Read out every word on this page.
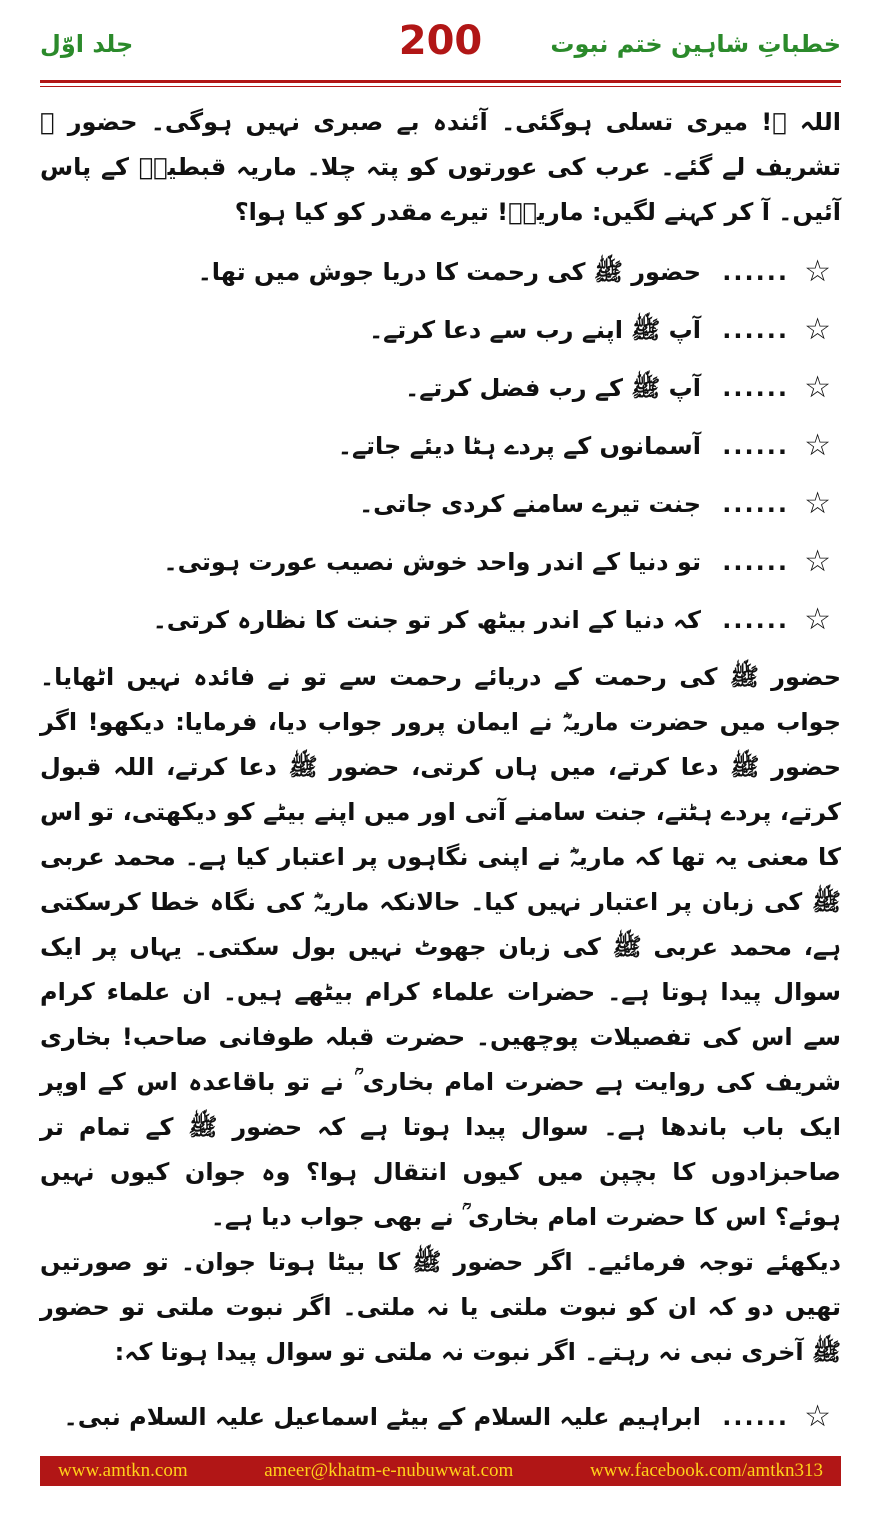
جلد اوّل	200	خطباتِ شاہین ختم نبوت

اللہ ﷺ! میری تسلی ہوگئی۔ آئندہ بے صبری نہیں ہوگی۔ حضور ﷺ تشریف لے گئے۔ عرب کی عورتوں کو پتہ چلا۔ ماریہ قبطیہؓ کے پاس آئیں۔ آ کر کہنے لگیں: ماریہؓ! تیرے مقدر کو کیا ہوا؟

☆
......
حضور ﷺ کی رحمت کا دریا جوش میں تھا۔
☆
......
آپ ﷺ اپنے رب سے دعا کرتے۔
☆
......
آپ ﷺ کے رب فضل کرتے۔
☆
......
آسمانوں کے پردے ہٹا دیئے جاتے۔
☆
......
جنت تیرے سامنے کردی جاتی۔
☆
......
تو دنیا کے اندر واحد خوش نصیب عورت ہوتی۔
☆
......
کہ دنیا کے اندر بیٹھ کر تو جنت کا نظارہ کرتی۔

حضور ﷺ کی رحمت کے دریائے رحمت سے تو نے فائدہ نہیں اٹھایا۔ جواب میں حضرت ماریہؓ نے ایمان پرور جواب دیا، فرمایا: دیکھو! اگر حضور ﷺ دعا کرتے، میں ہاں کرتی، حضور ﷺ دعا کرتے، اللہ قبول کرتے، پردے ہٹتے، جنت سامنے آتی اور میں اپنے بیٹے کو دیکھتی، تو اس کا معنی یہ تھا کہ ماریہؓ نے اپنی نگاہوں پر اعتبار کیا ہے۔ محمد عربی ﷺ کی زبان پر اعتبار نہیں کیا۔ حالانکہ ماریہؓ کی نگاہ خطا کرسکتی ہے، محمد عربی ﷺ کی زبان جھوٹ نہیں بول سکتی۔ یہاں پر ایک سوال پیدا ہوتا ہے۔ حضرات علماء کرام بیٹھے ہیں۔ ان علماء کرام سے اس کی تفصیلات پوچھیں۔ حضرت قبلہ طوفانی صاحب! بخاری شریف کی روایت ہے حضرت امام بخاری ؒ نے تو باقاعدہ اس کے اوپر ایک باب باندھا ہے۔ سوال پیدا ہوتا ہے کہ حضور ﷺ کے تمام تر صاحبزادوں کا بچپن میں کیوں انتقال ہوا؟ وہ جوان کیوں نہیں ہوئے؟ اس کا حضرت امام بخاری ؒ نے بھی جواب دیا ہے۔

دیکھئے توجہ فرمائیے۔ اگر حضور ﷺ کا بیٹا ہوتا جوان۔ تو صورتیں تھیں دو کہ ان کو نبوت ملتی یا نہ ملتی۔ اگر نبوت ملتی تو حضور ﷺ آخری نبی نہ رہتے۔ اگر نبوت نہ ملتی تو سوال پیدا ہوتا کہ:

☆
......
ابراہیم علیہ السلام کے بیٹے اسماعیل علیہ السلام نبی۔
www.amtkn.com	ameer@khatm-e-nubuwwat.com	www.facebook.com/amtkn313
